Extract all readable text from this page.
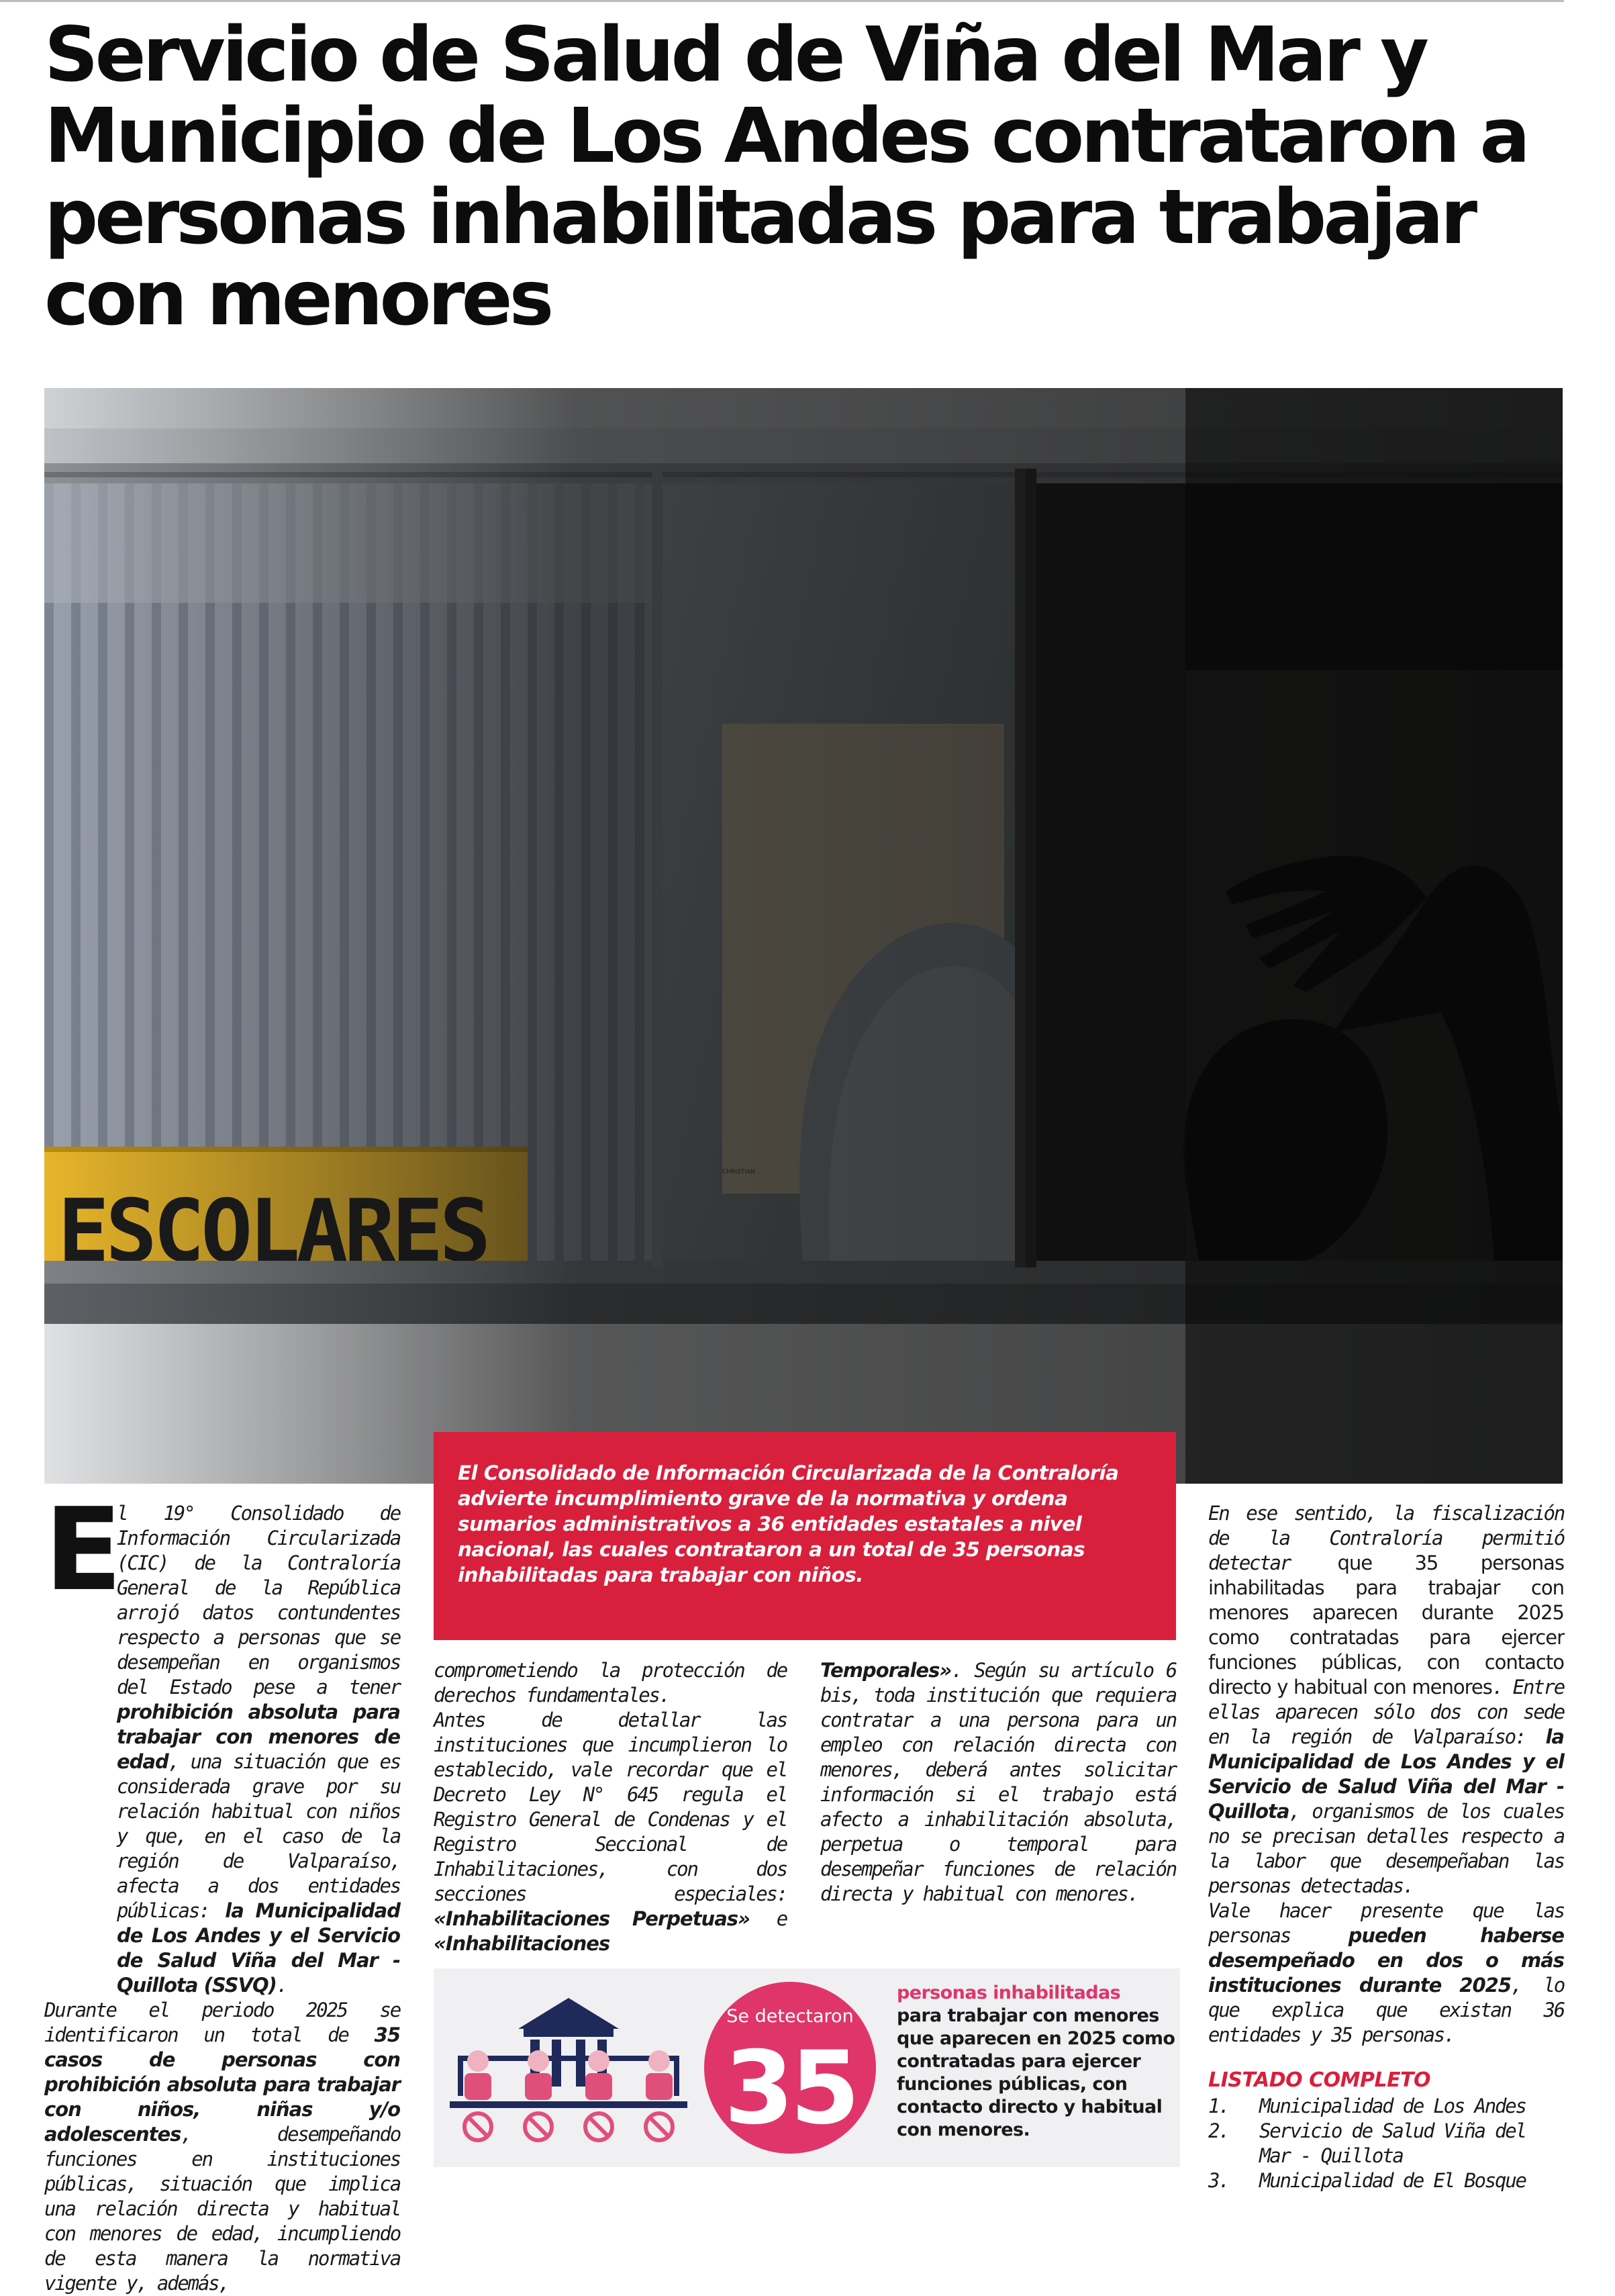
Servicio de Salud de Viña del Mar y Municipio de Los Andes contrataron a personas inhabilitadas para trabajar con menores

El Consolidado de Información Circularizada de la Contraloría advierte incumplimiento grave de la normativa y ordena sumarios administrativos a 36 entidades estatales a nivel nacional, las cuales contrataron a un total de 35 personas inhabilitadas para trabajar con niños.

E

l 19° Consolidado de Información Circularizada (CIC) de la Contraloría General de la República arrojó datos contundentes respecto a personas que se desempeñan en organismos del Estado pese a tener prohibición absoluta para trabajar con menores de edad, una situación que es considerada grave por su relación habitual con niños y que, en el caso de la región de Valparaíso, afecta a dos entidades públicas: la Municipalidad de Los Andes y el Servicio de Salud Viña del Mar - Quillota (SSVQ).

Durante el periodo 2025 se identificaron un total de 35 casos de personas con prohibición absoluta para trabajar con niños, niñas y/o adolescentes, desempeñando funciones en instituciones públicas, situación que implica una relación directa y habitual con menores de edad, incumpliendo de esta manera la normativa vigente y, además,

comprometiendo la protección de derechos fundamentales.

Antes de detallar las instituciones que incumplieron lo establecido, vale recordar que el Decreto Ley N° 645 regula el Registro General de Condenas y el Registro Seccional de Inhabilitaciones, con dos secciones especiales: «Inhabilitaciones Perpetuas» e «Inhabilitaciones

Temporales». Según su artículo 6 bis, toda institución que requiera contratar a una persona para un empleo con relación directa con menores, deberá antes solicitar información si el trabajo está afecto a inhabilitación absoluta, perpetua o temporal para desempeñar funciones de relación directa y habitual con menores.

En ese sentido, la fiscalización de la Contraloría permitió detectar que 35 personas inhabilitadas para trabajar con menores aparecen durante 2025 como contratadas para ejercer funciones públicas, con contacto directo y habitual con menores. Entre ellas aparecen sólo dos con sede en la región de Valparaíso: la Municipalidad de Los Andes y el Servicio de Salud Viña del Mar - Quillota, organismos de los cuales no se precisan detalles respecto a la labor que desempeñaban las personas detectadas.

Vale hacer presente que las personas	pueden haberse desempeñado en dos o más instituciones durante 2025, lo que explica que existan 36 entidades y 35 personas.

LISTADO COMPLETO
1.	Municipalidad de Los Andes
2.	Servicio de Salud Viña del Mar - Quillota
3.	Municipalidad de El Bosque
Se detectaron
35
personas inhabilitadas
para trabajar con menores que aparecen en 2025 como contratadas para ejercer funciones públicas, con contacto directo y habitual con menores.
